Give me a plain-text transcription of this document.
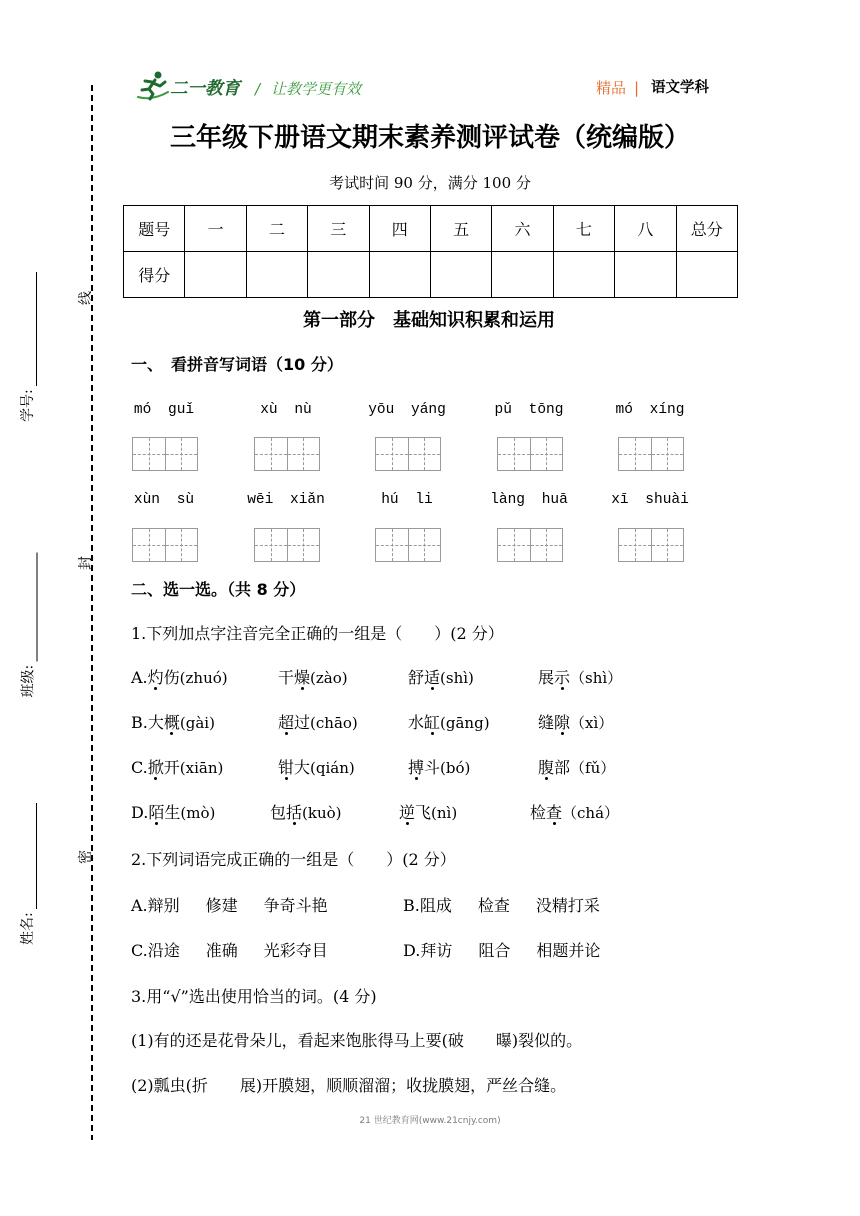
线
封
密
学号:
班级:
姓名:
二一教育 / 让教学更有效	精品 | 语文学科
三年级下册语文期末素养测评试卷（统编版）
考试时间 90 分，满分 100 分
题号	一	二	三	四	五	六	七	八	总分
得分									
第一部分　基础知识积累和运用
一、　看拼音写词语（10 分）
mó guǐ	xù nù	yōu yáng	pǔ tōng	mó xíng
xùn sù	wēi xiǎn	hú li	làng huā	xī shuài
二、选一选。（共 8 分）
1.下列加点字注音完全正确的一组是（　　）(2 分）
A.灼伤(zhuó)	干燥(zào)	舒适(shì)	展示（shì）
B.大概(gài)	超过(chāo)	水缸(gāng)	缝隙（xì）
C.掀开(xiān)	钳大(qián)	搏斗(bó)	腹部（fǔ）
D.陌生(mò)	包括(kuò)	逆飞(nì)	检查（chá）
2.下列词语完成正确的一组是（　　）(2 分）
A.辩别 修建 争奇斗艳	B.阻成 检查 没精打采
C.沿途 准确 光彩夺目	D.拜访 阻合 相题并论
3.用“√”选出使用恰当的词。(4 分)
(1)有的还是花骨朵儿，看起来饱胀得马上要(破　　曝)裂似的。
(2)瓢虫(折　　展)开膜翅，顺顺溜溜；收拢膜翅，严丝合缝。
21 世纪教育网(www.21cnjy.com)
